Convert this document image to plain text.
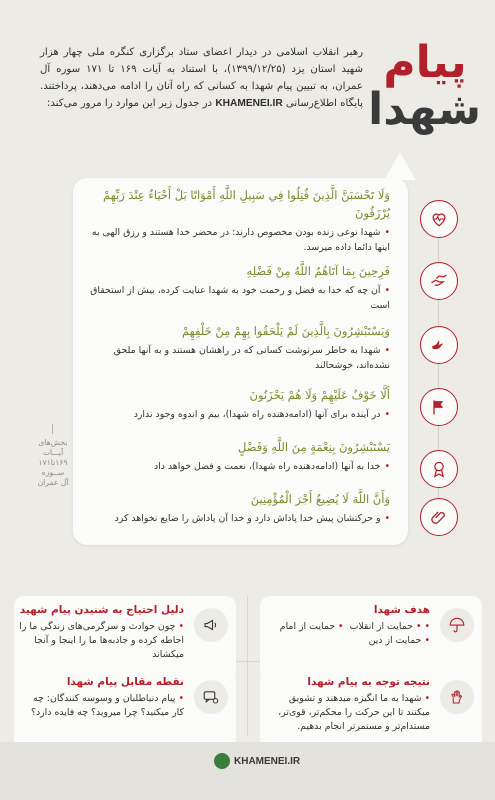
پیام
شهدا

رهبر انقلاب اسلامی در دیدار اعضای ستاد برگزاری کنگره ملی چهار هزار شهید استان یزد (۱۳۹۹/۱۲/۲۵)، با استناد به آیات ۱۶۹ تا ۱۷۱ سوره آل عمران، به تبیین پیام شهدا به کسانی که راه آنان را ادامه می‌دهند، پرداختند. پایگاه اطلاع‌رسانی KHAMENEI.IR در جدول زیر این موارد را مرور می‌کند:

وَلَا تَحْسَبَنَّ الَّذِينَ قُتِلُوا فِي سَبِيلِ اللَّهِ أَمْوَاتًا بَلْ أَحْيَاءٌ عِنْدَ رَبِّهِمْ يُرْزَقُونَ
• شهدا نوعی زنده بودن مخصوص دارند: در محضر خدا هستند و رزق الهی به اینها دائما داده میرسد.
فَرِحِينَ بِمَا آتَاهُمُ اللَّهُ مِنْ فَضْلِهِ
• آن چه که خدا به فضل و رحمت خود به شهدا عنایت کرده، بیش از استحقاق است
وَيَسْتَبْشِرُونَ بِالَّذِينَ لَمْ يَلْحَقُوا بِهِمْ مِنْ خَلْفِهِمْ
• شهدا به خاطر سرنوشت کسانی که در راهشان هستند و به آنها ملحق نشده‌اند، خوشحالند
أَلَّا خَوْفٌ عَلَيْهِمْ وَلَا هُمْ يَحْزَنُونَ
• در آینده برای آنها (ادامه‌دهنده راه شهدا)، بیم و اندوه وجود ندارد
يَسْتَبْشِرُونَ بِنِعْمَةٍ مِنَ اللَّهِ وَفَضْلٍ
• خدا به آنها (ادامه‌دهنده راه شهدا)، نعمت و فضل خواهد داد
وَأَنَّ اللَّهَ لَا يُضِيعُ أَجْرَ الْمُؤْمِنِينَ
• و حرکتشان پیش خدا پاداش دارد و خدا آن پاداش را ضایع نخواهد کرد
بخش‌های
آیـــات
۱۶۹تا۱۷۱
ســوره
آل عمران
هدف شهدا
• • حمایت از انقلاب• حمایت از امام
• حمایت از دین
دلیل احتیاج به شنیدن پیام شهید
• چون حوادث و سرگرمی‌های زندگی ما را احاطه کرده و جاذبه‌ها ما را اینجا و آنجا میکشاند
نتیجه توجه به پیام شهدا
• شهدا به ما انگیزه میدهند و تشویق میکنند تا این حرکت را محکم‌تر، قوی‌تر، مستدام‌تر و مستمرتر انجام بدهیم.
نقطه مقابل پیام شهدا
• پیام دنیاطلبان و وسوسه کنندگان: چه کار میکنید؟ چرا میروید؟ چه فایده دارد؟
KHAMENEI.IR
